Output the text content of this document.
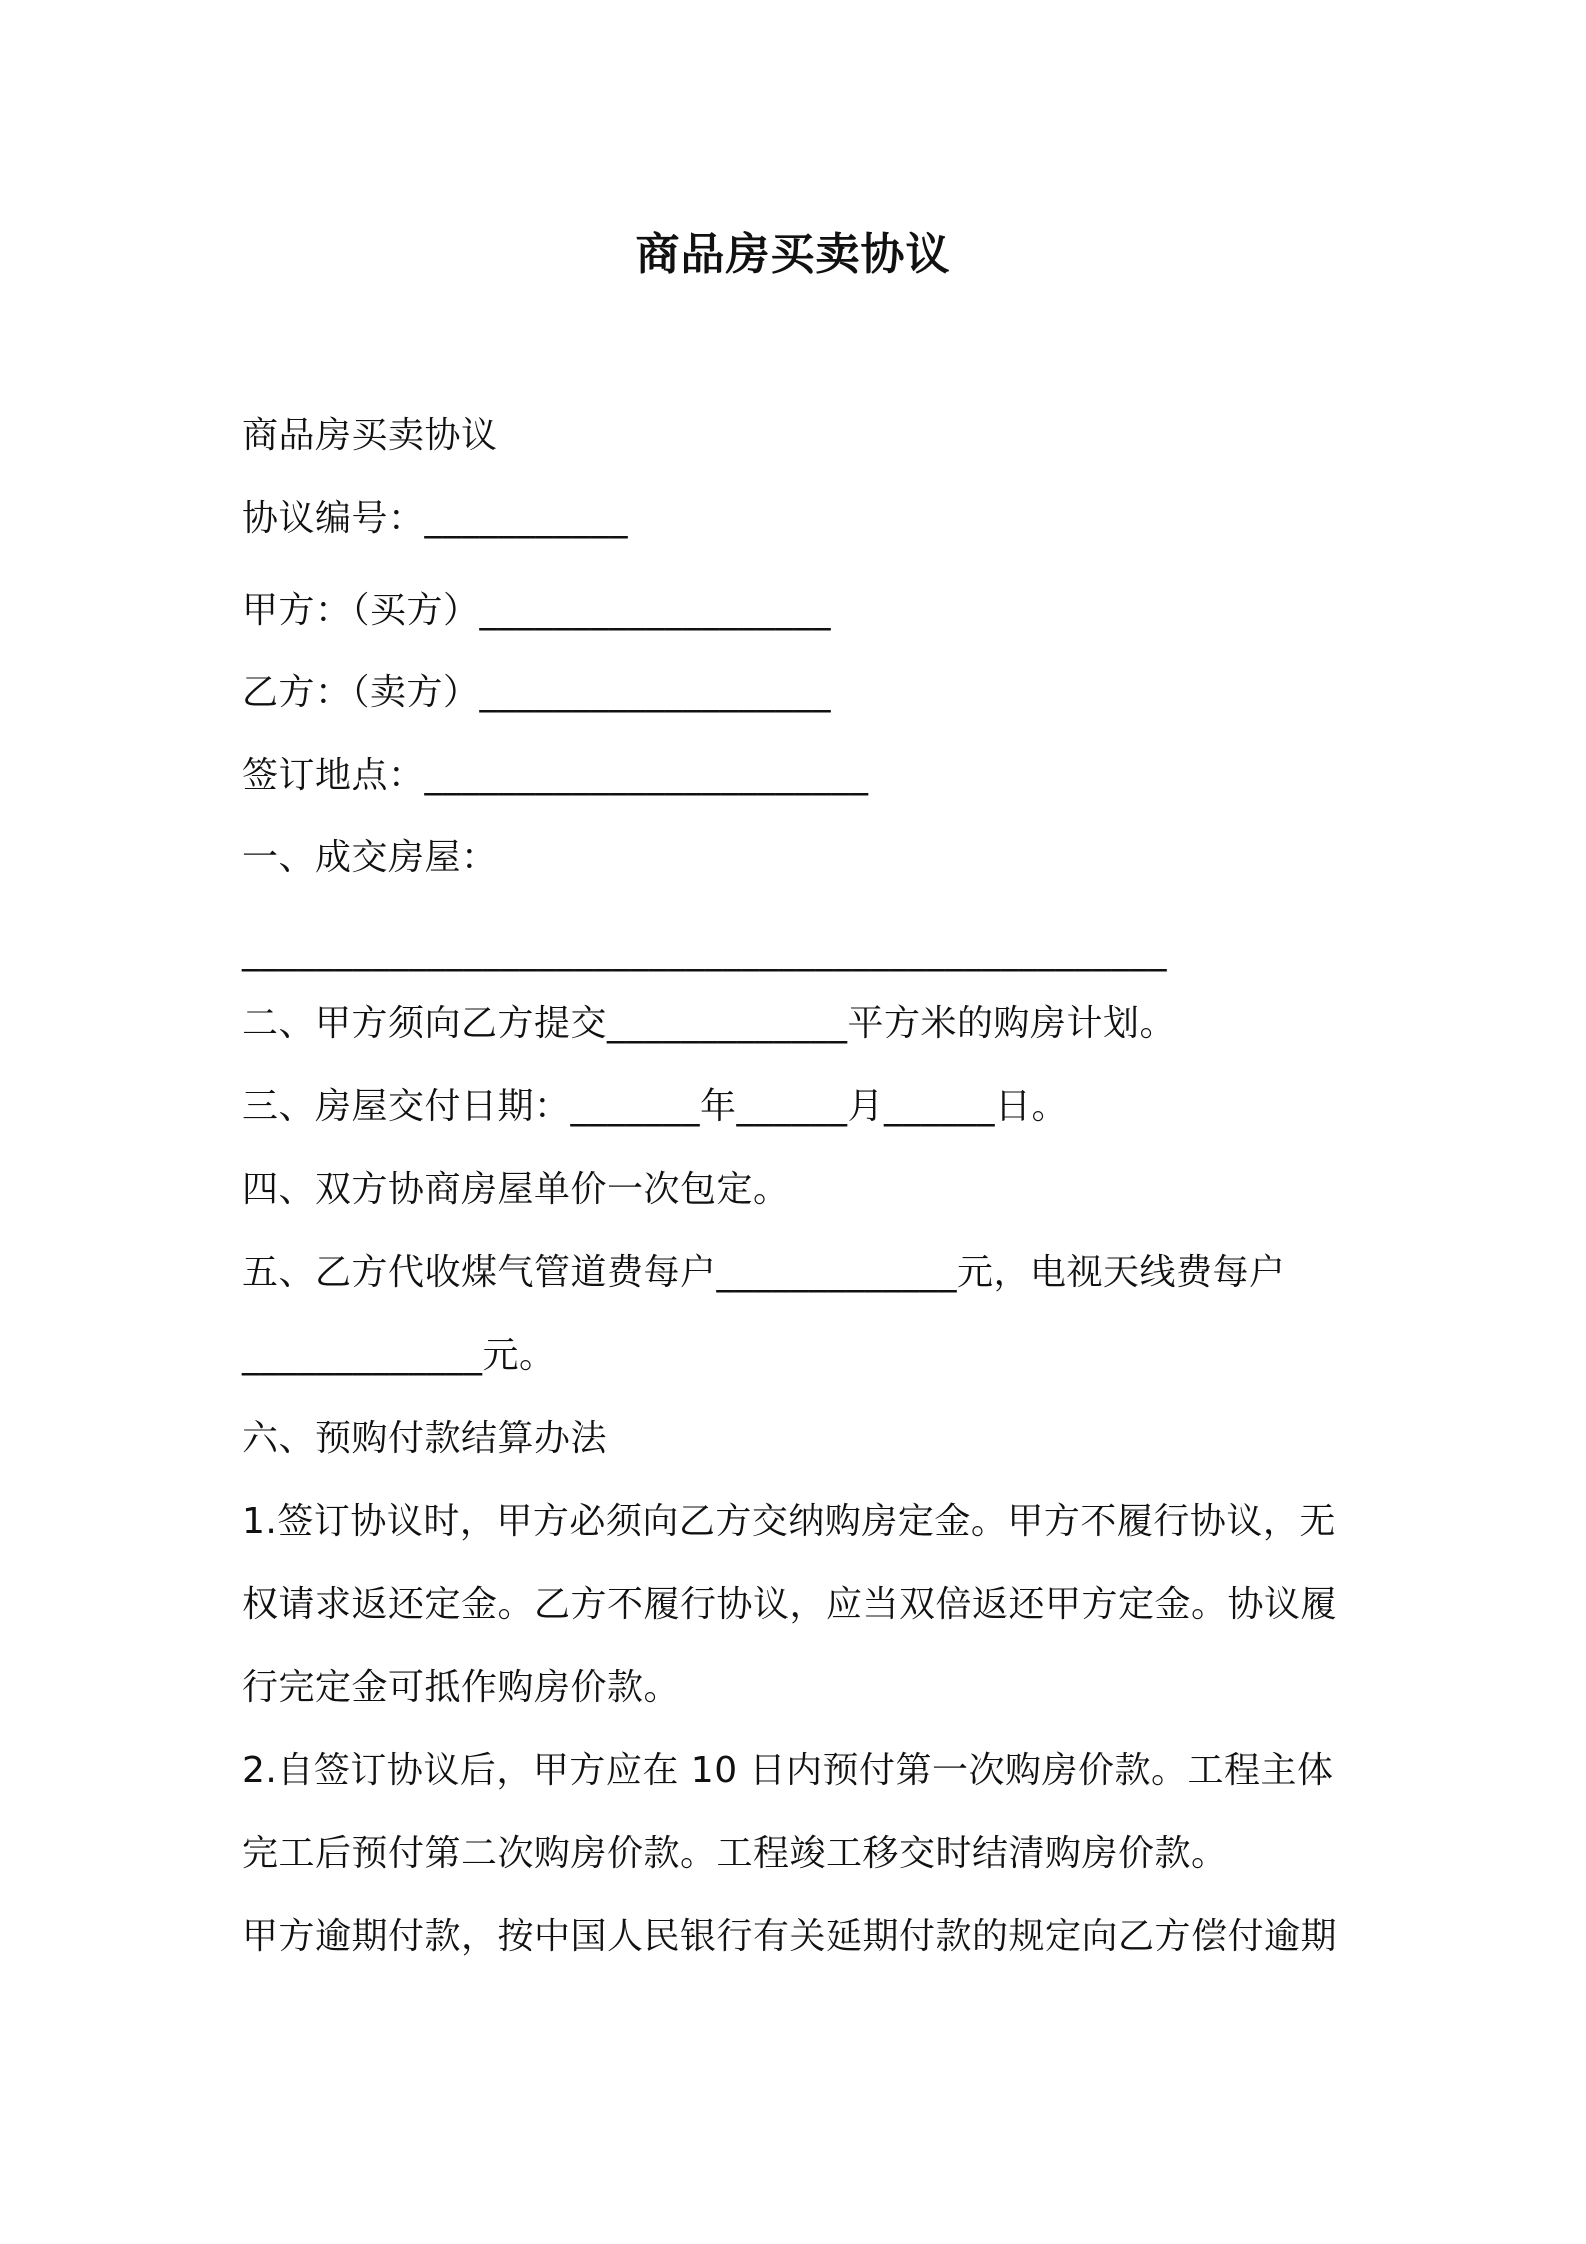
商品房买卖协议
商品房买卖协议
协议编号：___________
甲方：（买方）___________________
乙方：（卖方）___________________
签订地点：________________________
一、成交房屋：
__________________________________________________
二、甲方须向乙方提交_____________平方米的购房计划。
三、房屋交付日期：_______年______月______日。
四、双方协商房屋单价一次包定。
五、乙方代收煤气管道费每户_____________元，电视天线费每户
_____________元。
六、预购付款结算办法
1.签订协议时，甲方必须向乙方交纳购房定金。甲方不履行协议，无
权请求返还定金。乙方不履行协议，应当双倍返还甲方定金。协议履
行完定金可抵作购房价款。
2.自签订协议后，甲方应在 10 日内预付第一次购房价款。工程主体
完工后预付第二次购房价款。工程竣工移交时结清购房价款。
甲方逾期付款，按中国人民银行有关延期付款的规定向乙方偿付逾期
